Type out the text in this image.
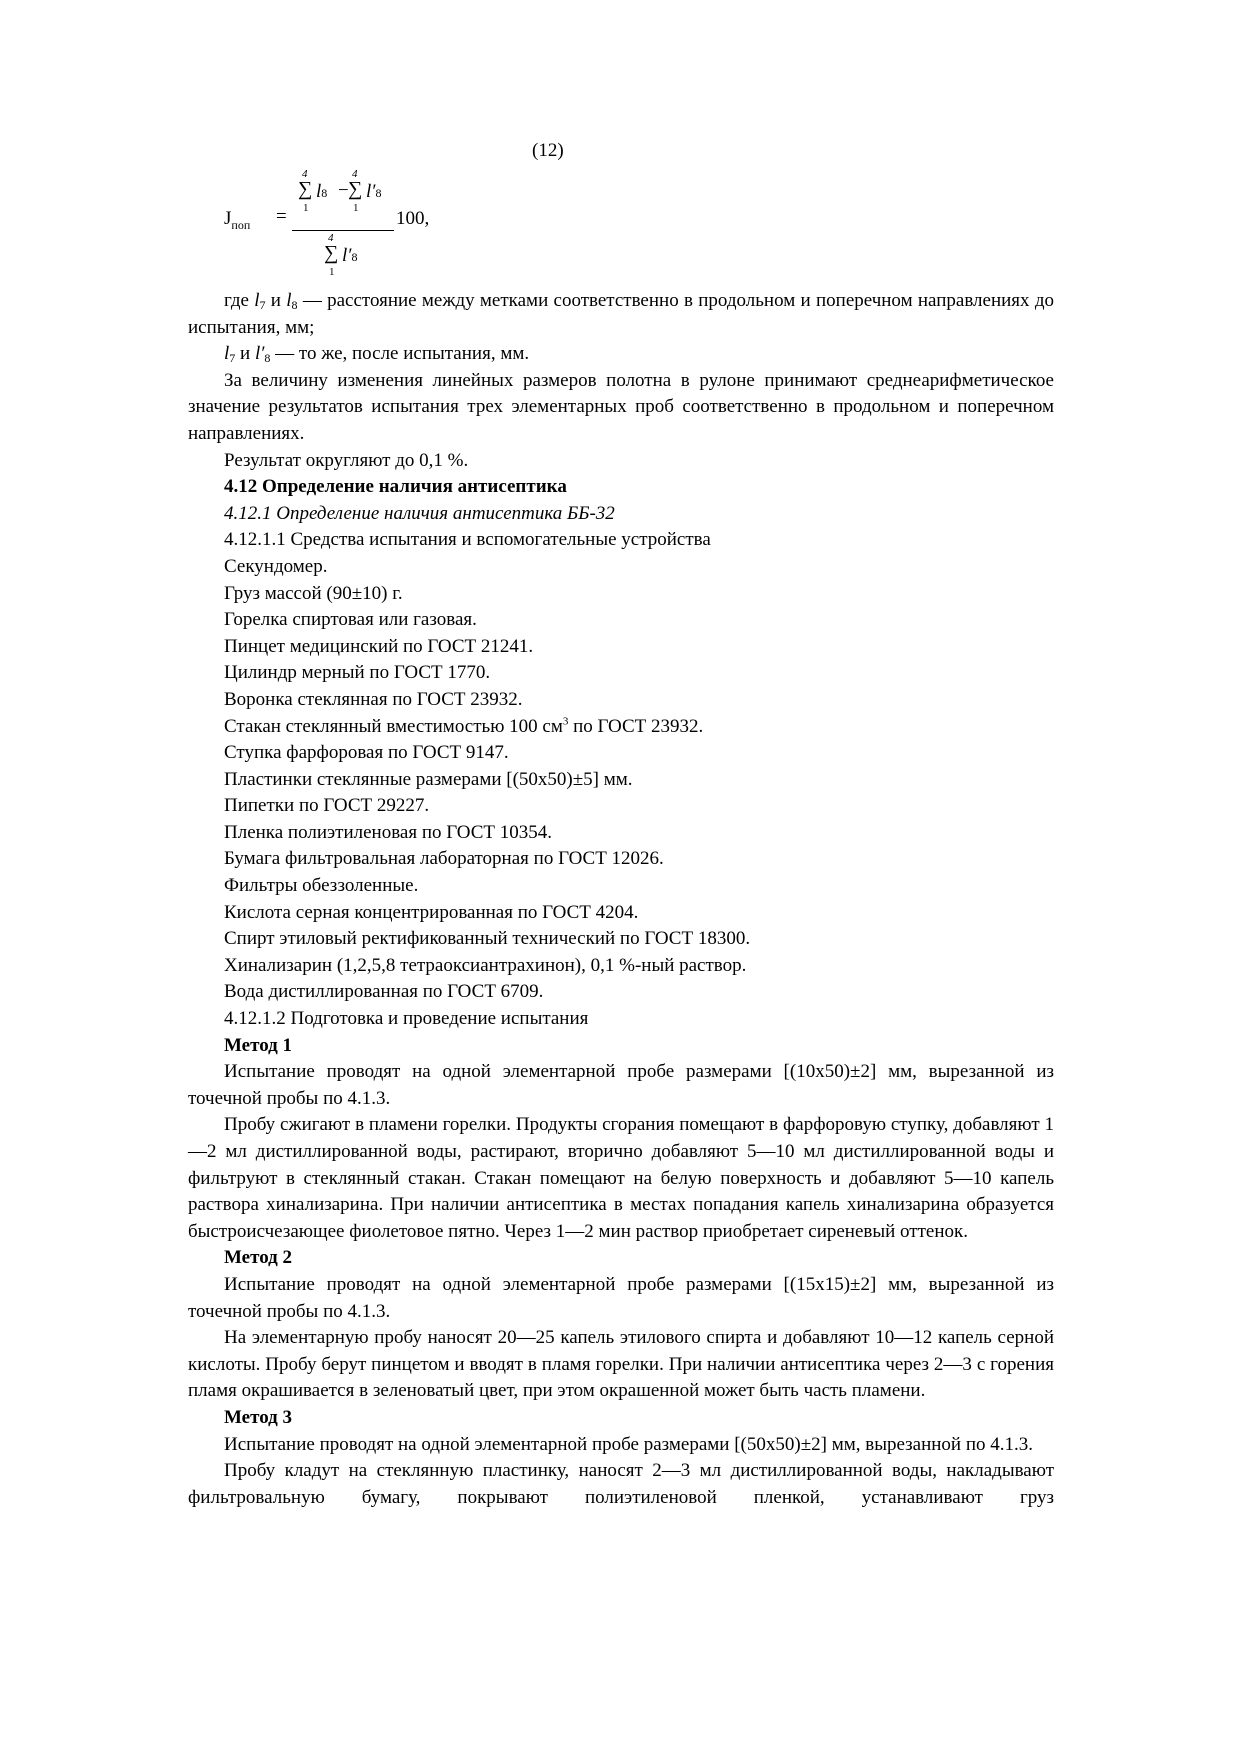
(12)
$J_{поп}$ =
4
∑
1
l8 −
4
∑
1
l′8
4
∑
1
l′8
100,

где l7 и l8 — расстояние между метками соответственно в продольном и поперечном направлениях до испытания, мм;

l7 и l′8 — то же, после испытания, мм.

За величину изменения линейных размеров полотна в рулоне принимают среднеарифметическое значение результатов испытания трех элементарных проб соответственно в продольном и поперечном направлениях.

Результат округляют до 0,1 %.

4.12 Определение наличия антисептика

4.12.1 Определение наличия антисептика ББ-32

4.12.1.1 Средства испытания и вспомогательные устройства

Секундомер.

Груз массой (90±10) г.

Горелка спиртовая или газовая.

Пинцет медицинский по ГОСТ 21241.

Цилиндр мерный по ГОСТ 1770.

Воронка стеклянная по ГОСТ 23932.

Стакан стеклянный вместимостью 100 $см^3$ по ГОСТ 23932.

Ступка фарфоровая по ГОСТ 9147.

Пластинки стеклянные размерами [(50х50)±5] мм.

Пипетки по ГОСТ 29227.

Пленка полиэтиленовая по ГОСТ 10354.

Бумага фильтровальная лабораторная по ГОСТ 12026.

Фильтры обеззоленные.

Кислота серная концентрированная по ГОСТ 4204.

Спирт этиловый ректификованный технический по ГОСТ 18300.

Хинализарин (1,2,5,8 тетраоксиантрахинон), 0,1 %-ный раствор.

Вода дистиллированная по ГОСТ 6709.

4.12.1.2 Подготовка и проведение испытания

Метод 1

Испытание проводят на одной элементарной пробе размерами [(10х50)±2] мм, вырезанной из точечной пробы по 4.1.3.

Пробу сжигают в пламени горелки. Продукты сгорания помещают в фарфоровую ступку, добавляют 1—2 мл дистиллированной воды, растирают, вторично добавляют 5—10 мл дистиллированной воды и фильтруют в стеклянный стакан. Стакан помещают на белую поверхность и добавляют 5—10 капель раствора хинализарина. При наличии антисептика в местах попадания капель хинализарина образуется быстроисчезающее фиолетовое пятно. Через 1—2 мин раствор приобретает сиреневый оттенок.

Метод 2

Испытание проводят на одной элементарной пробе размерами [(15х15)±2] мм, вырезанной из точечной пробы по 4.1.3.

На элементарную пробу наносят 20—25 капель этилового спирта и добавляют 10—12 капель серной кислоты. Пробу берут пинцетом и вводят в пламя горелки. При наличии антисептика через 2—3 с горения пламя окрашивается в зеленоватый цвет, при этом окрашенной может быть часть пламени.

Метод 3

Испытание проводят на одной элементарной пробе размерами [(50х50)±2] мм, вырезанной по 4.1.3.

Пробу кладут на стеклянную пластинку, наносят 2—3 мл дистиллированной воды, накладывают фильтровальную бумагу, покрывают полиэтиленовой пленкой, устанавливают груз
